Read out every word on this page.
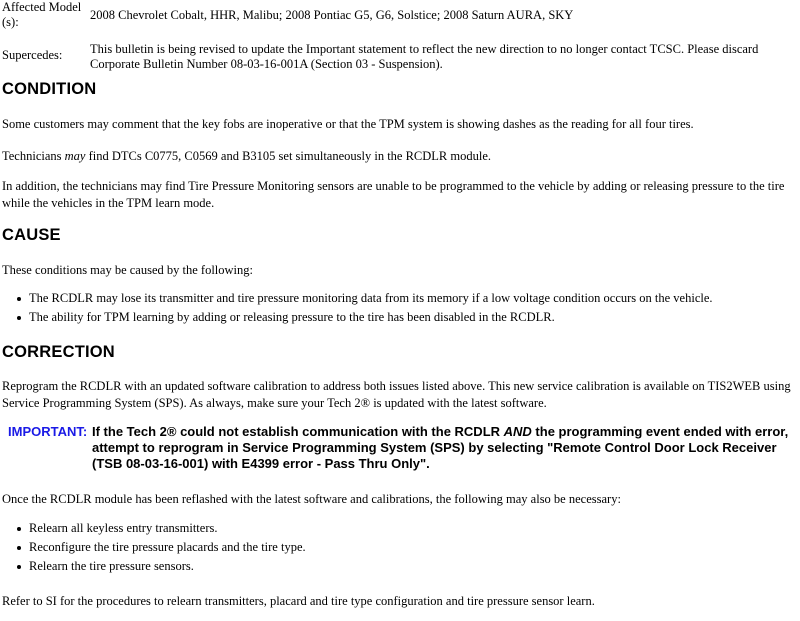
Affected Model (s):	2008 Chevrolet Cobalt, HHR, Malibu; 2008 Pontiac G5, G6, Solstice; 2008 Saturn AURA, SKY
Supercedes:	This bulletin is being revised to update the Important statement to reflect the new direction to no longer contact TCSC. Please discard Corporate Bulletin Number 08-03-16-001A (Section 03 - Suspension).
CONDITION

Some customers may comment that the key fobs are inoperative or that the TPM system is showing dashes as the reading for all four tires.

Technicians may find DTCs C0775, C0569 and B3105 set simultaneously in the RCDLR module.

In addition, the technicians may find Tire Pressure Monitoring sensors are unable to be programmed to the vehicle by adding or releasing pressure to the tire while the vehicles in the TPM learn mode.

CAUSE

These conditions may be caused by the following:

The RCDLR may lose its transmitter and tire pressure monitoring data from its memory if a low voltage condition occurs on the vehicle.
The ability for TPM learning by adding or releasing pressure to the tire has been disabled in the RCDLR.
CORRECTION

Reprogram the RCDLR with an updated software calibration to address both issues listed above. This new service calibration is available on TIS2WEB using Service Programming System (SPS). As always, make sure your Tech 2® is updated with the latest software.

IMPORTANT: If the Tech 2® could not establish communication with the RCDLR AND the programming event ended with error, attempt to reprogram in Service Programming System (SPS) by selecting "Remote Control Door Lock Receiver (TSB 08-03-16-001) with E4399 error - Pass Thru Only".

Once the RCDLR module has been reflashed with the latest software and calibrations, the following may also be necessary:

Relearn all keyless entry transmitters.
Reconfigure the tire pressure placards and the tire type.
Relearn the tire pressure sensors.

Refer to SI for the procedures to relearn transmitters, placard and tire type configuration and tire pressure sensor learn.
